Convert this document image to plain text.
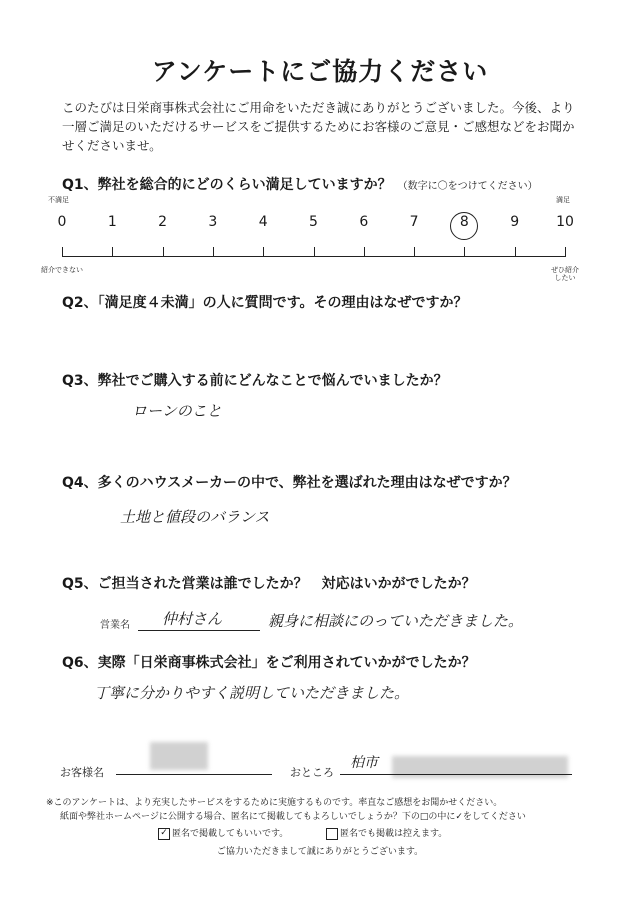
アンケートにご協力ください
このたびは日栄商事株式会社にご用命をいただき誠にありがとうございました。今後、より一層ご満足のいただけるサービスをご提供するためにお客様のご意見・ご感想などをお聞かせくださいませ。
Q1、弊社を総合的にどのくらい満足していますか？ （数字に〇をつけてください）
不満足	満足
0	1	2	3	4	5	6	7	8	9	10
紹介できない	ぜひ紹介したい
Q2、「満足度４未満」の人に質問です。その理由はなぜですか？
Q3、弊社でご購入する前にどんなことで悩んでいましたか？
ローンのこと
Q4、多くのハウスメーカーの中で、弊社を選ばれた理由はなぜですか？
土地と値段のバランス
Q5、ご担当された営業は誰でしたか？　対応はいかがでしたか？
営業名 仲村さん	親身に相談にのっていただきました。
Q6、実際「日栄商事株式会社」をご利用されていかがでしたか？
丁寧に分かりやすく説明していただきました。
お客様名	おところ
柏市
※このアンケートは、より充実したサービスをするために実施するものです。率直なご感想をお聞かせください。
紙面や弊社ホームページに公開する場合、匿名にて掲載してもよろしいでしょうか？下の□の中に✓をしてください
✓ 匿名で掲載してもいいです。	匿名でも掲載は控えます。
ご協力いただきまして誠にありがとうございます。
